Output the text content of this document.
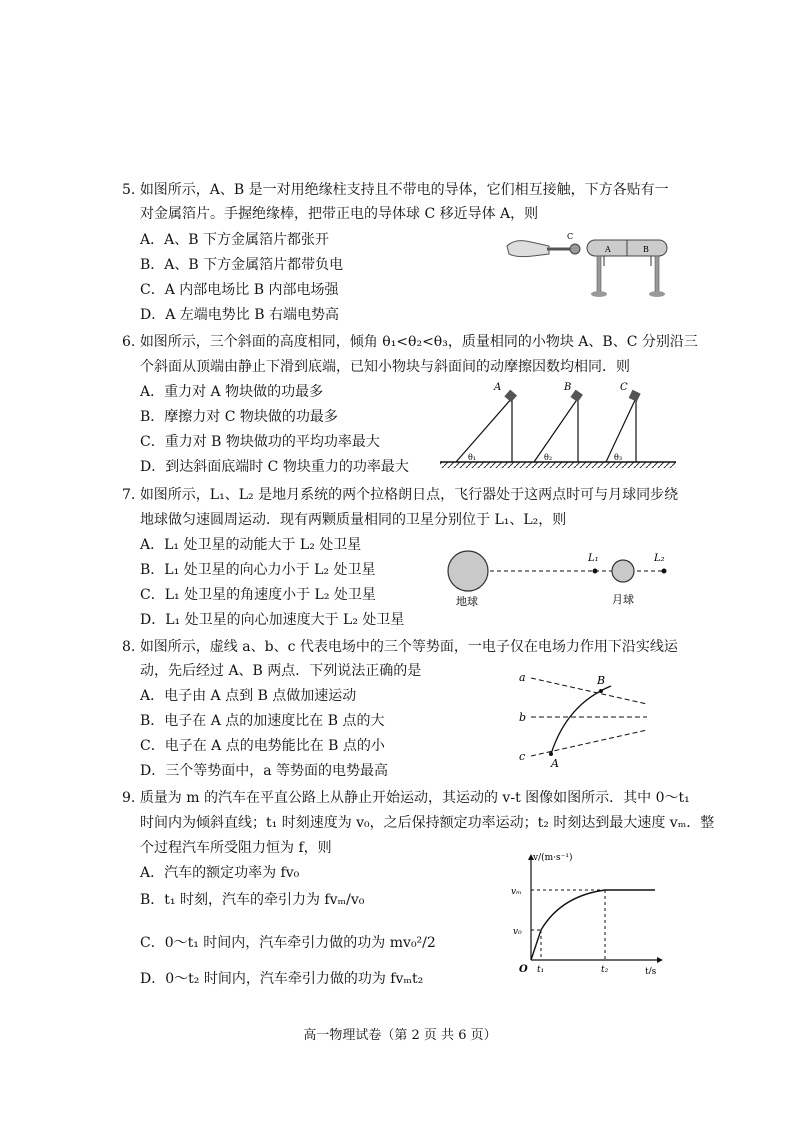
5. 如图所示，A、B 是一对用绝缘柱支持且不带电的导体，它们相互接触，下方各贴有一
对金属箔片。手握绝缘棒，把带正电的导体球 C 移近导体 A，则
A．A、B 下方金属箔片都张开
B．A、B 下方金属箔片都带负电
C．A 内部电场比 B 内部电场强
D．A 左端电势比 B 右端电势高
C
A	B
6. 如图所示，三个斜面的高度相同，倾角 θ₁<θ₂<θ₃，质量相同的小物块 A、B、C 分别沿三
个斜面从顶端由静止下滑到底端，已知小物块与斜面间的动摩擦因数均相同．则
A．重力对 A 物块做的功最多
B．摩擦力对 C 物块做的功最多
C．重力对 B 物块做功的平均功率最大
D．到达斜面底端时 C 物块重力的功率最大
A
θ₁
B
θ₂
C
θ₃
7. 如图所示，L₁、L₂ 是地月系统的两个拉格朗日点，飞行器处于这两点时可与月球同步绕
地球做匀速圆周运动．现有两颗质量相同的卫星分别位于 L₁、L₂，则
A．L₁ 处卫星的动能大于 L₂ 处卫星
B．L₁ 处卫星的向心力小于 L₂ 处卫星
C．L₁ 处卫星的角速度小于 L₂ 处卫星
D．L₁ 处卫星的向心加速度大于 L₂ 处卫星
L₁	L₂
地球	月球
8. 如图所示，虚线 a、b、c 代表电场中的三个等势面，一电子仅在电场力作用下沿实线运
动，先后经过 A、B 两点．下列说法正确的是
A．电子由 A 点到 B 点做加速运动
B．电子在 A 点的加速度比在 B 点的大
C．电子在 A 点的电势能比在 B 点的小
D．三个等势面中，a 等势面的电势最高
a
b
c
A
B
9. 质量为 m 的汽车在平直公路上从静止开始运动，其运动的 v-t 图像如图所示．其中 0～t₁
时间内为倾斜直线；t₁ 时刻速度为 v₀，之后保持额定功率运动；t₂ 时刻达到最大速度 vₘ．整
个过程汽车所受阻力恒为 f，则
A．汽车的额定功率为 fv₀
B．t₁ 时刻，汽车的牵引力为 fvₘ/v₀
C．0～t₁ 时间内，汽车牵引力做的功为 mv₀²/2
D．0～t₂ 时间内，汽车牵引力做的功为 fvₘt₂
v/(m·s⁻¹)
t/s
O
vₘ
v₀
t₁	t₂
高一物理试卷（第 2 页 共 6 页）
